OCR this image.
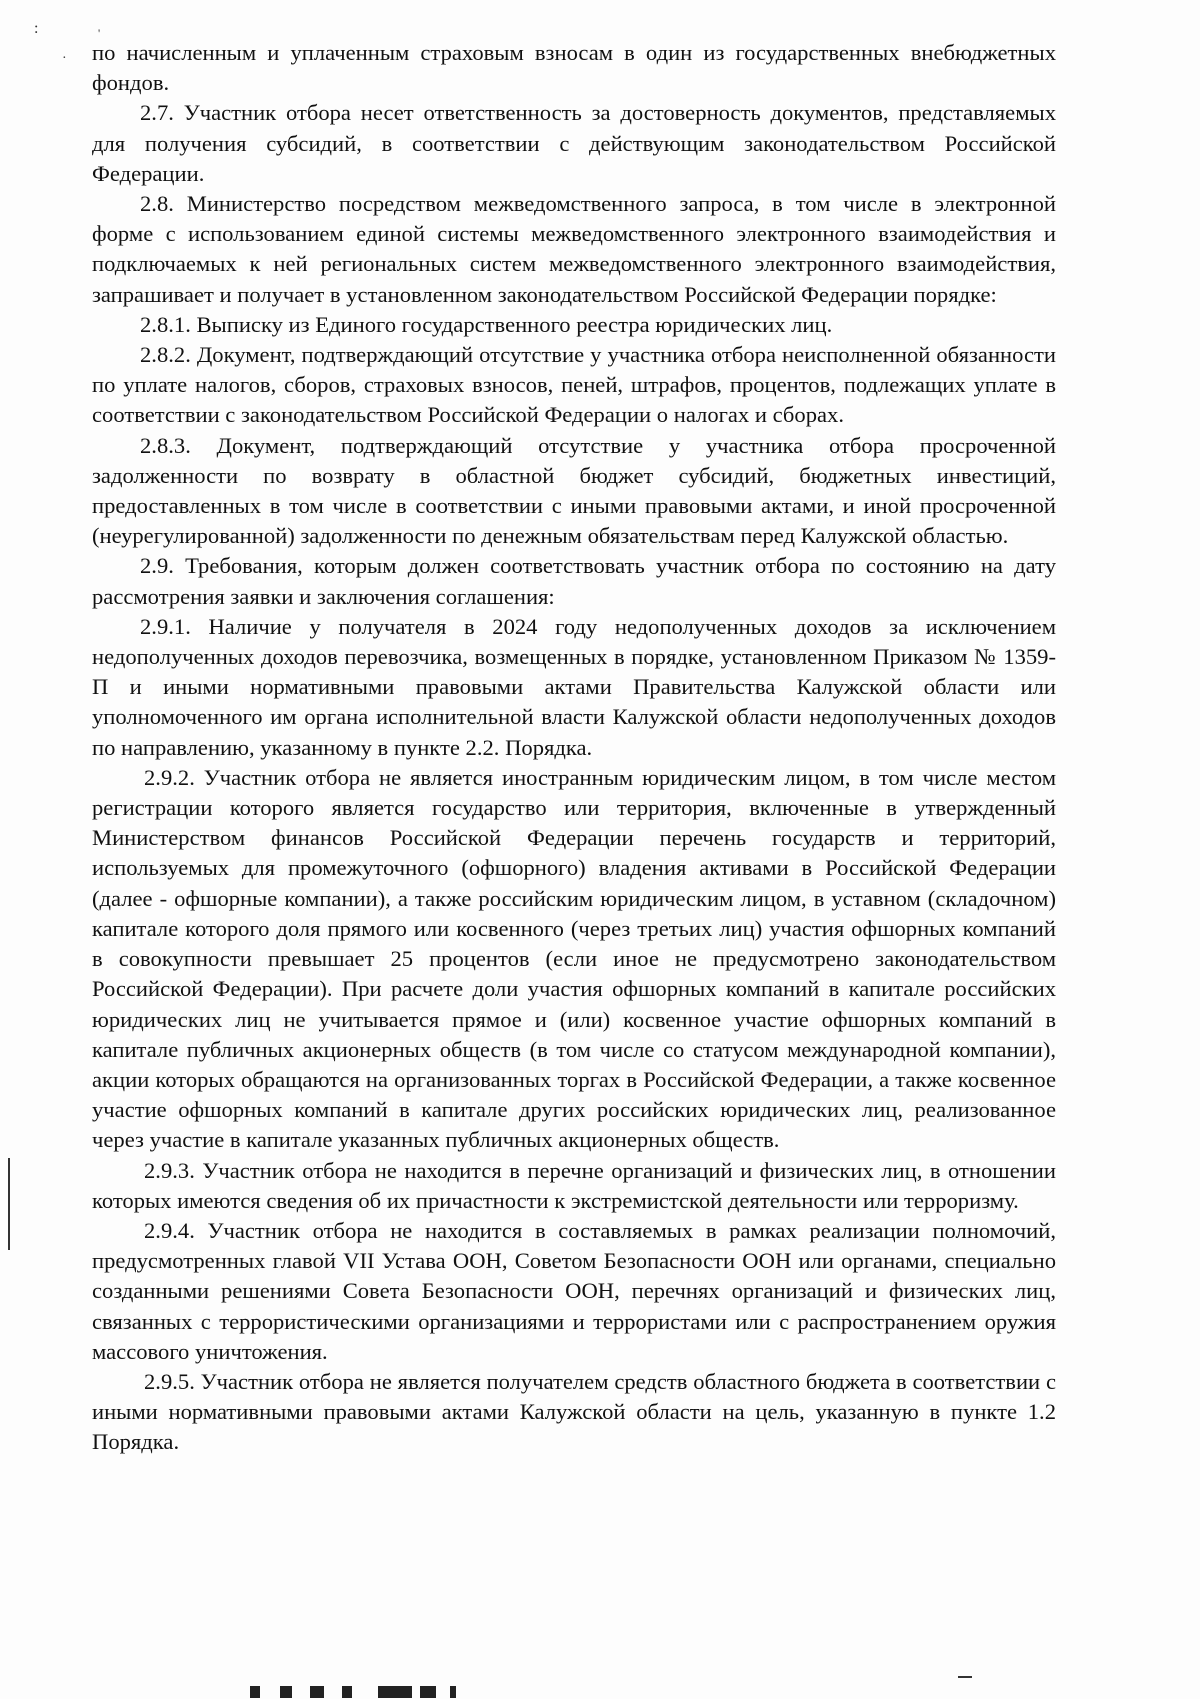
:
·
'

по начисленным и уплаченным страховым взносам в один из государственных внебюджетных фондов.

2.7. Участник отбора несет ответственность за достоверность документов, представляемых для получения субсидий, в соответствии с действующим законодательством Российской Федерации.

2.8. Министерство посредством межведомственного запроса, в том числе в электронной форме с использованием единой системы межведомственного электронного взаимодействия и подключаемых к ней региональных систем межведомственного электронного взаимодействия, запрашивает и получает в установленном законодательством Российской Федерации порядке:

2.8.1. Выписку из Единого государственного реестра юридических лиц.

2.8.2. Документ, подтверждающий отсутствие у участника отбора неисполненной обязанности по уплате налогов, сборов, страховых взносов, пеней, штрафов, процентов, подлежащих уплате в соответствии с законодательством Российской Федерации о налогах и сборах.

2.8.3. Документ, подтверждающий отсутствие у участника отбора просроченной задолженности по возврату в областной бюджет субсидий, бюджетных инвестиций, предоставленных в том числе в соответствии с иными правовыми актами, и иной просроченной (неурегулированной) задолженности по денежным обязательствам перед Калужской областью.

2.9. Требования, которым должен соответствовать участник отбора по состоянию на дату рассмотрения заявки и заключения соглашения:

2.9.1. Наличие у получателя в 2024 году недополученных доходов за исключением недополученных доходов перевозчика, возмещенных в порядке, установленном Приказом № 1359-П и иными нормативными правовыми актами Правительства Калужской области или уполномоченного им органа исполнительной власти Калужской области недополученных доходов по направлению, указанному в пункте 2.2. Порядка.

2.9.2. Участник отбора не является иностранным юридическим лицом, в том числе местом регистрации которого является государство или территория, включенные в утвержденный Министерством финансов Российской Федерации перечень государств и территорий, используемых для промежуточного (офшорного) владения активами в Российской Федерации (далее - офшорные компании), а также российским юридическим лицом, в уставном (складочном) капитале которого доля прямого или косвенного (через третьих лиц) участия офшорных компаний в совокупности превышает 25 процентов (если иное не предусмотрено законодательством Российской Федерации). При расчете доли участия офшорных компаний в капитале российских юридических лиц не учитывается прямое и (или) косвенное участие офшорных компаний в капитале публичных акционерных обществ (в том числе со статусом международной компании), акции которых обращаются на организованных торгах в Российской Федерации, а также косвенное участие офшорных компаний в капитале других российских юридических лиц, реализованное через участие в капитале указанных публичных акционерных обществ.

2.9.3. Участник отбора не находится в перечне организаций и физических лиц, в отношении которых имеются сведения об их причастности к экстремистской деятельности или терроризму.

2.9.4. Участник отбора не находится в составляемых в рамках реализации полномочий, предусмотренных главой VII Устава ООН, Советом Безопасности ООН или органами, специально созданными решениями Совета Безопасности ООН, перечнях организаций и физических лиц, связанных с террористическими организациями и террористами или с распространением оружия массового уничтожения.

2.9.5. Участник отбора не является получателем средств областного бюджета в соответствии с иными нормативными правовыми актами Калужской области на цель, указанную в пункте 1.2 Порядка.
